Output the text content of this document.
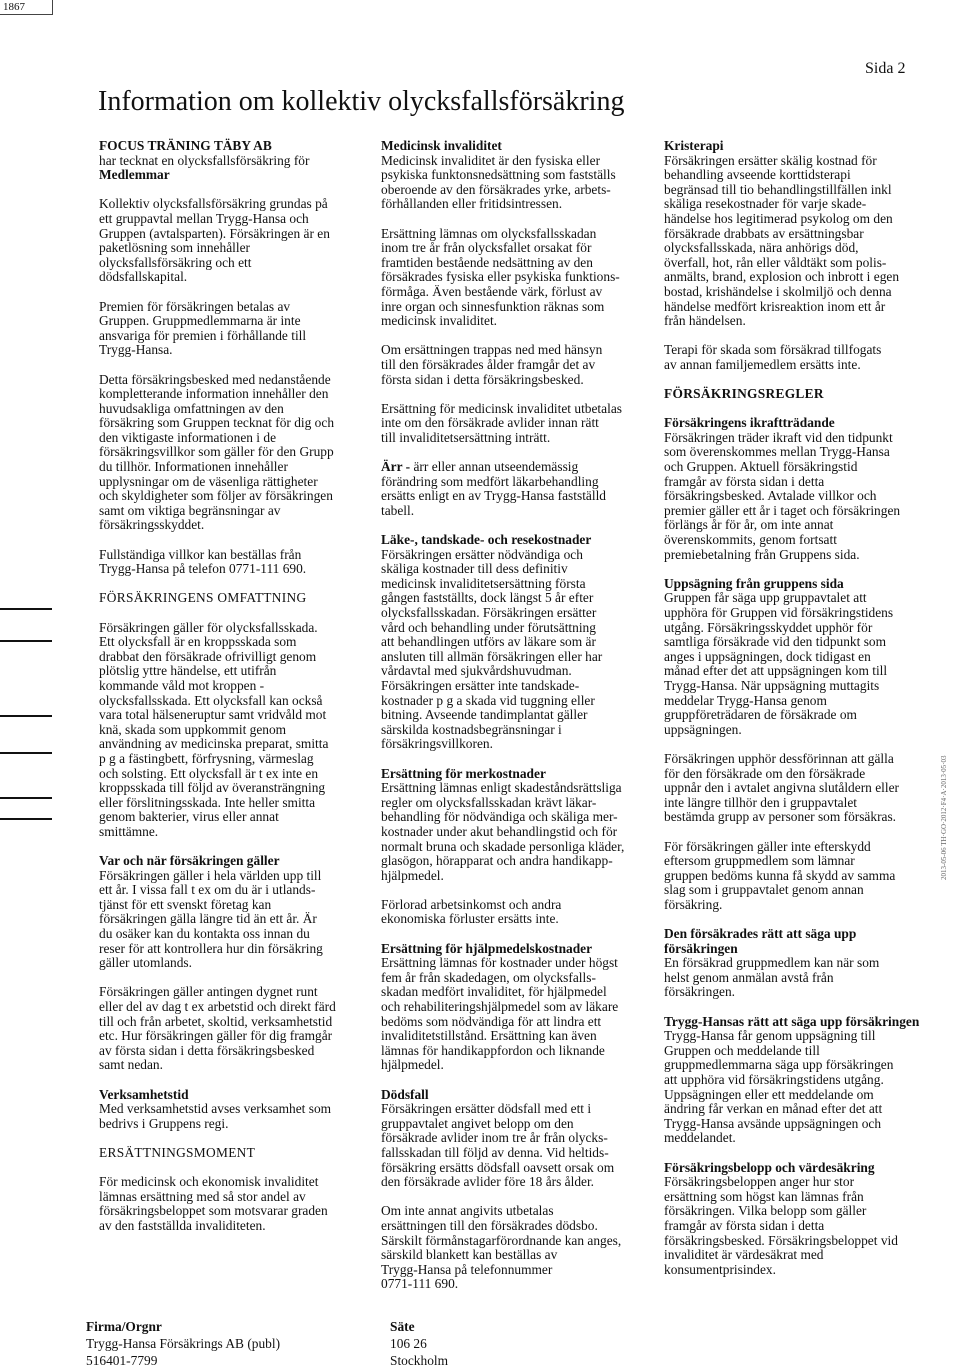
1867
Sida 2
Information om kollektiv olycksfallsförsäkring
2013-05-06 TH·GO·2012·F4·A·2013·05·03

FOCUS TRÄNING TÄBY AB

har tecknat en olycksfallsförsäkring för

Medlemmar

Kollektiv olycksfallsförsäkring grundas på
ett gruppavtal mellan Trygg-Hansa och
Gruppen (avtalsparten). Försäkringen är en
paketlösning som innehåller
olycksfallsförsäkring och ett
dödsfallskapital.

Premien för försäkringen betalas av
Gruppen. Gruppmedlemmarna är inte
ansvariga för premien i förhållande till
Trygg-Hansa.

Detta försäkringsbesked med nedanstående
kompletterande information innehåller den
huvudsakliga omfattningen av den
försäkring som Gruppen tecknat för dig och
den viktigaste informationen i de
försäkringsvillkor som gäller för den Grupp
du tillhör. Informationen innehåller
upplysningar om de väsenliga rättigheter
och skyldigheter som följer av försäkringen
samt om viktiga begränsningar av
försäkringsskyddet.

Fullständiga villkor kan beställas från
Trygg-Hansa på telefon 0771-111 690.

FÖRSÄKRINGENS OMFATTNING

Försäkringen gäller för olycksfallsskada.
Ett olycksfall är en kroppsskada som
drabbat den försäkrade ofrivilligt genom
plötslig yttre händelse, ett utifrån
kommande våld mot kroppen -
olycksfallsskada. Ett olycksfall kan också
vara total hälseneruptur samt vridvåld mot
knä, skada som uppkommit genom
användning av medicinska preparat, smitta
p g a fästingbett, förfrysning, värmeslag
och solsting. Ett olycksfall är t ex inte en
kroppsskada till följd av överansträngning
eller förslitningsskada. Inte heller smitta
genom bakterier, virus eller annat
smittämne.

Var och när försäkringen gäller

Försäkringen gäller i hela världen upp till
ett år. I vissa fall t ex om du är i utlands-
tjänst för ett svenskt företag kan
försäkringen gälla längre tid än ett år. Är
du osäker kan du kontakta oss innan du
reser för att kontrollera hur din försäkring
gäller utomlands.

Försäkringen gäller antingen dygnet runt
eller del av dag t ex arbetstid och direkt färd
till och från arbetet, skoltid, verksamhetstid
etc. Hur försäkringen gäller för dig framgår
av första sidan i detta försäkringsbesked
samt nedan.

Verksamhetstid

Med verksamhetstid avses verksamhet som
bedrivs i Gruppens regi.

ERSÄTTNINGSMOMENT

För medicinsk och ekonomisk invaliditet
lämnas ersättning med så stor andel av
försäkringsbeloppet som motsvarar graden
av den fastställda invaliditeten.

Medicinsk invaliditet

Medicinsk invaliditet är den fysiska eller
psykiska funktonsnedsättning som fastställs
oberoende av den försäkrades yrke, arbets-
förhållanden eller fritidsintressen.

Ersättning lämnas om olycksfallsskadan
inom tre år från olycksfallet orsakat för
framtiden bestående nedsättning av den
försäkrades fysiska eller psykiska funktions-
förmåga. Även bestående värk, förlust av
inre organ och sinnesfunktion räknas som
medicinsk invaliditet.

Om ersättningen trappas ned med hänsyn
till den försäkrades ålder framgår det av
första sidan i detta försäkringsbesked.

Ersättning för medicinsk invaliditet utbetalas
inte om den försäkrade avlider innan rätt
till invaliditetsersättning inträtt.

Ärr - ärr eller annan utseendemässig

förändring som medfört läkarbehandling
ersätts enligt en av Trygg-Hansa fastställd
tabell.

Läke-, tandskade- och resekostnader

Försäkringen ersätter nödvändiga och
skäliga kostnader till dess definitiv
medicinsk invaliditetsersättning första
gången fastställts, dock längst 5 år efter
olycksfallsskadan. Försäkringen ersätter
vård och behandling under förutsättning
att behandlingen utförs av läkare som är
ansluten till allmän försäkringen eller har
vårdavtal med sjukvårdshuvudman.
Försäkringen ersätter inte tandskade-
kostnader p g a skada vid tuggning eller
bitning. Avseende tandimplantat gäller
särskilda kostnadsbegränsningar i
försäkringsvillkoren.

Ersättning för merkostnader

Ersättning lämnas enligt skadeståndsrättsliga
regler om olycksfallsskadan krävt läkar-
behandling för nödvändiga och skäliga mer-
kostnader under akut behandlingstid och för
normalt bruna och skadade personliga kläder,
glasögon, hörapparat och andra handikapp-
hjälpmedel.

Förlorad arbetsinkomst och andra
ekonomiska förluster ersätts inte.

Ersättning för hjälpmedelskostnader

Ersättning lämnas för kostnader under högst
fem år från skadedagen, om olycksfalls-
skadan medfört invaliditet, för hjälpmedel
och rehabiliteringshjälpmedel som av läkare
bedöms som nödvändiga för att lindra ett
invaliditetstillstånd. Ersättning kan även
lämnas för handikappfordon och liknande
hjälpmedel.

Dödsfall

Försäkringen ersätter dödsfall med ett i
gruppavtalet angivet belopp om den
försäkrade avlider inom tre år från olycks-
fallsskadan till följd av denna. Vid heltids-
försäkring ersätts dödsfall oavsett orsak om
den försäkrade avlider före 18 års ålder.

Om inte annat angivits utbetalas
ersättningen till den försäkrades dödsbo.
Särskilt förmånstagarförordnande kan anges,
särskild blankett kan beställas av
Trygg-Hansa på telefonnummer
0771-111 690.

Kristerapi

Försäkringen ersätter skälig kostnad för
behandling avseende korttidsterapi
begränsad till tio behandlingstillfällen inkl
skäliga resekostnader för varje skade-
händelse hos legitimerad psykolog om den
försäkrade drabbats av ersättningsbar
olycksfallsskada, nära anhörigs död,
överfall, hot, rån eller våldtäkt som polis-
anmälts, brand, explosion och inbrott i egen
bostad, krishändelse i skolmiljö och denna
händelse medfört krisreaktion inom ett år
från händelsen.

Terapi för skada som försäkrad tillfogats
av annan familjemedlem ersätts inte.

FÖRSÄKRINGSREGLER

Försäkringens ikraftträdande

Försäkringen träder ikraft vid den tidpunkt
som överenskommes mellan Trygg-Hansa
och Gruppen. Aktuell försäkringstid
framgår av första sidan i detta
försäkringsbesked. Avtalade villkor och
premier gäller ett år i taget och försäkringen
förlängs år för år, om inte annat
överenskommits, genom fortsatt
premiebetalning från Gruppens sida.

Uppsägning från gruppens sida

Gruppen får säga upp gruppavtalet att
upphöra för Gruppen vid försäkringstidens
utgång. Försäkringsskyddet upphör för
samtliga försäkrade vid den tidpunkt som
anges i uppsägningen, dock tidigast en
månad efter det att uppsägningen kom till
Trygg-Hansa. När uppsägning muttagits
meddelar Trygg-Hansa genom
gruppföreträdaren de försäkrade om
uppsägningen.

Försäkringen upphör dessförinnan att gälla
för den försäkrade om den försäkrade
uppnår den i avtalet angivna slutåldern eller
inte längre tillhör den i gruppavtalet
bestämda grupp av personer som försäkras.

För försäkringen gäller inte efterskydd
eftersom gruppmedlem som lämnar
gruppen bedöms kunna få skydd av samma
slag som i gruppavtalet genom annan
försäkring.

Den försäkrades rätt att säga upp försäkringen

En försäkrad gruppmedlem kan när som
helst genom anmälan avstå från
försäkringen.

Trygg-Hansas rätt att säga upp försäkringen

Trygg-Hansa får genom uppsägning till
Gruppen och meddelande till
gruppmedlemmarna säga upp försäkringen
att upphöra vid försäkringstidens utgång.
Uppsägningen eller ett meddelande om
ändring får verkan en månad efter det att
Trygg-Hansa avsände uppsägningen och
meddelandet.

Försäkringsbelopp och värdesäkring

Försäkringsbeloppen anger hur stor
ersättning som högst kan lämnas från
försäkringen. Vilka belopp som gäller
framgår av första sidan i detta
försäkringsbesked. Försäkringsbeloppet vid
invaliditet är värdesäkrat med
konsumentprisindex.

Firma/Orgnr
Trygg-Hansa Försäkrings AB (publ)
516401-7799
Säte
106 26
Stockholm
